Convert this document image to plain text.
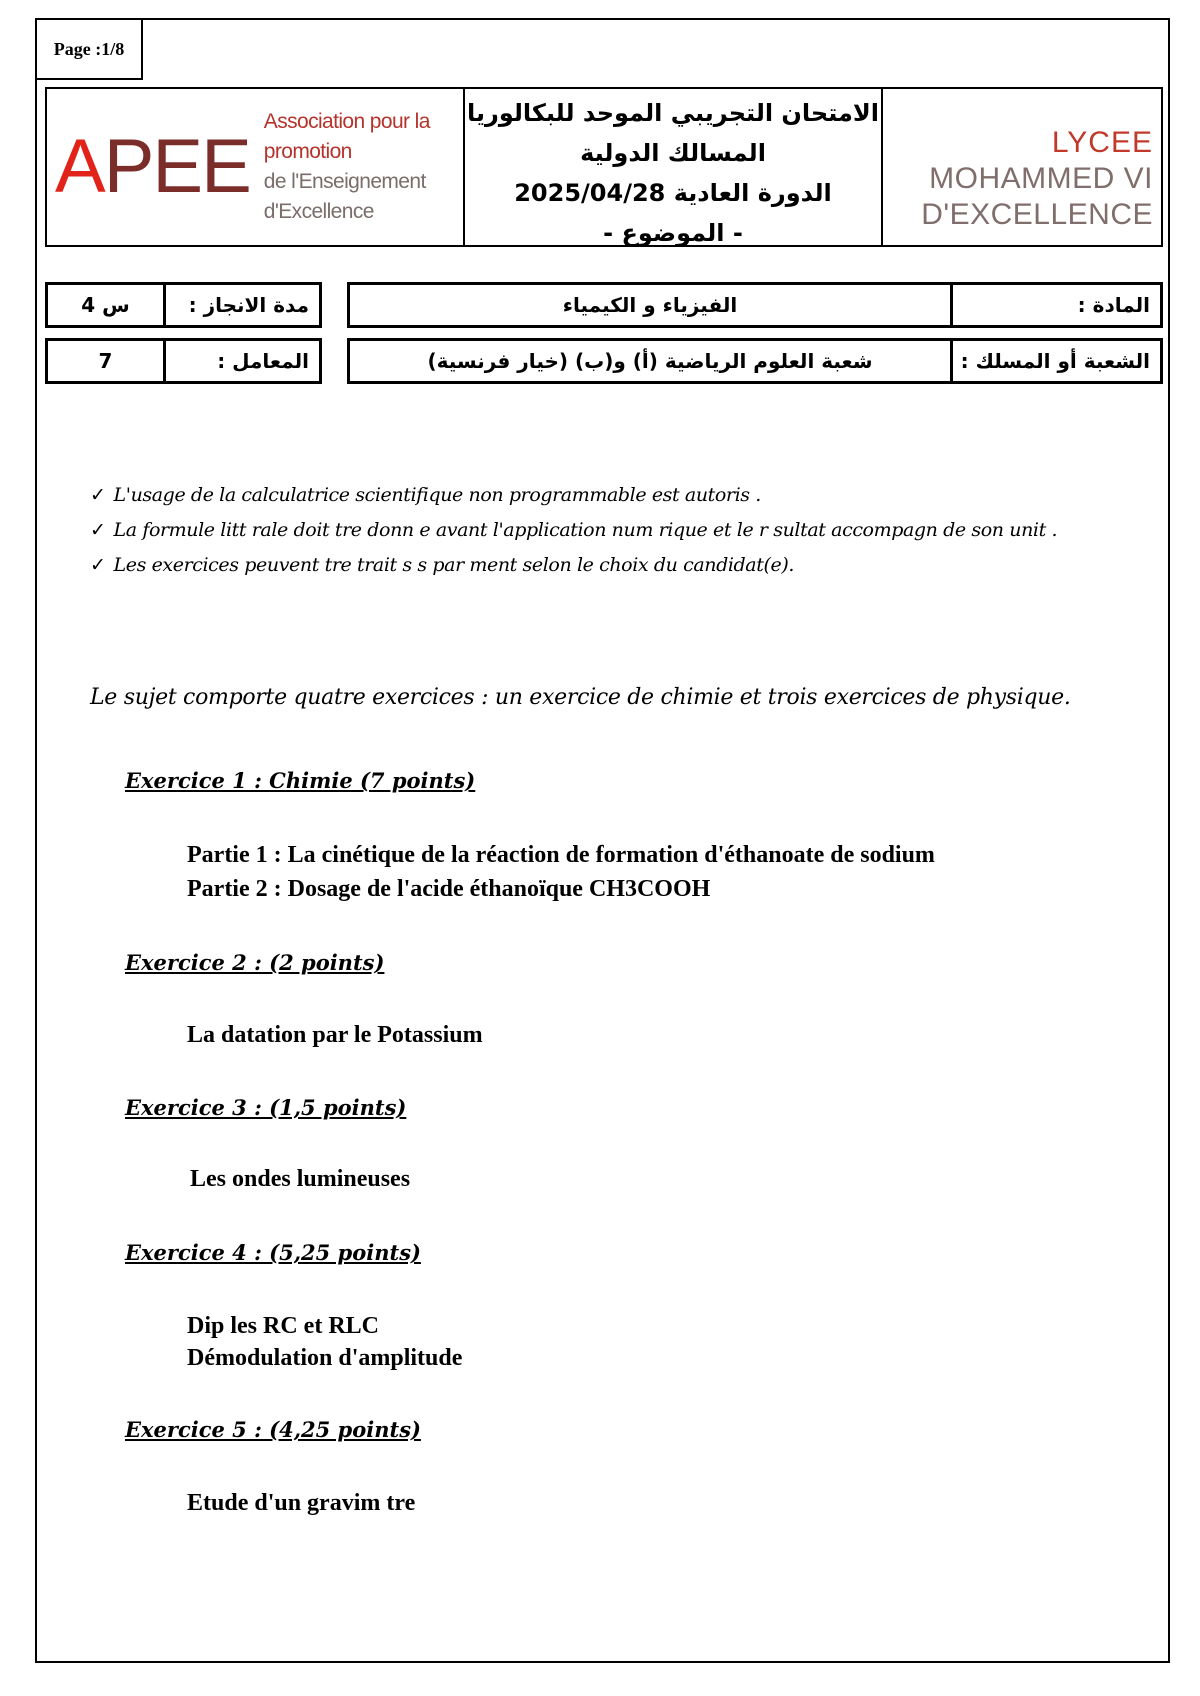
Page :1/8
APEE
Association pour la promotion
de l'Enseignement d'Excellence
الامتحان التجريبي الموحد للبكالوريا
المسالك الدولية
الدورة العادية 2025/04/28
- الموضوع -
LYCEE
MOHAMMED VI
D'EXCELLENCE
4 س	مدة الانجاز :
7	المعامل :
الفيزياء و الكيمياء	المادة :
شعبة العلوم الرياضية (أ) و(ب) (خيار فرنسية)	الشعبة أو المسلك :

✓ L'usage de la calculatrice scientifique non programmable est autoris .

✓ La formule litt rale doit tre donn e avant l'application num rique et le r sultat accompagn de son unit .

✓ Les exercices peuvent tre trait s s par ment selon le choix du candidat(e).

Le sujet comporte quatre exercices : un exercice de chimie et trois exercices de physique.
Exercice 1 : Chimie (7 points)
Partie 1 : La cinétique de la réaction de formation d'éthanoate de sodium
Partie 2 : Dosage de l'acide éthanoïque CH3COOH
Exercice 2 : (2 points)
La datation par le Potassium
Exercice 3 : (1,5 points)
Les ondes lumineuses
Exercice 4 : (5,25 points)
Dip les RC et RLC
Démodulation d'amplitude
Exercice 5 : (4,25 points)
Etude d'un gravim tre
